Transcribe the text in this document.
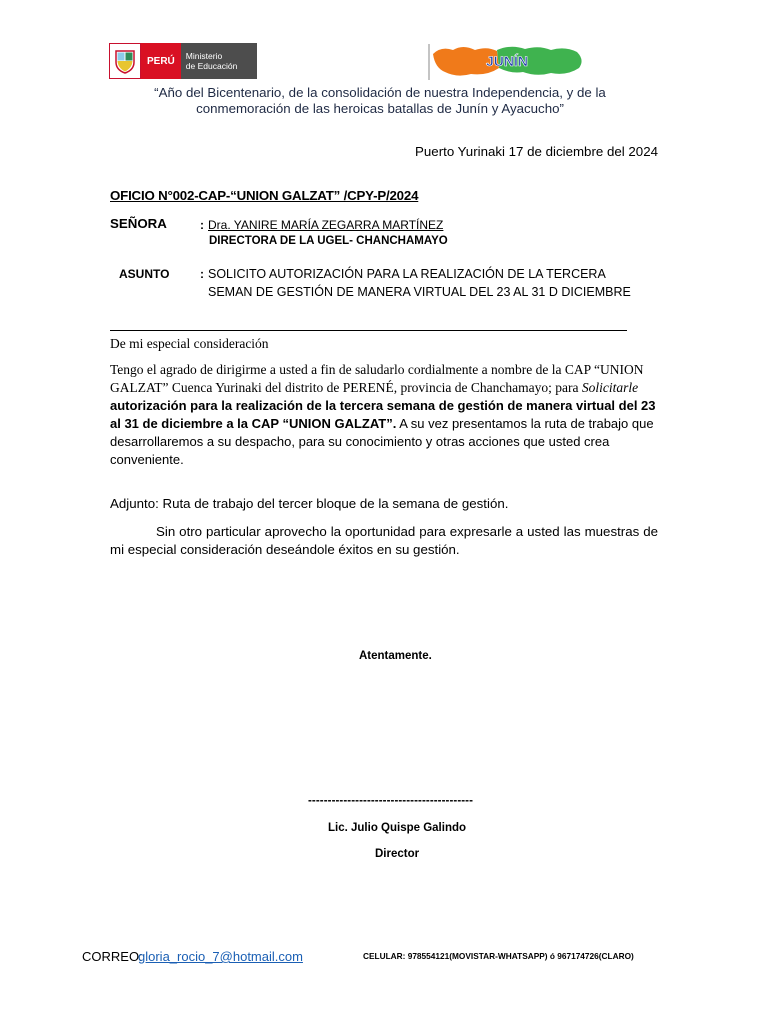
PERÚ	Ministerio
de Educación	JUNÍN
“Año del Bicentenario, de la consolidación de nuestra Independencia, y de la
conmemoración de las heroicas batallas de Junín y Ayacucho”
Puerto Yurinaki 17 de diciembre del 2024
OFICIO N°002-CAP-“UNION GALZAT” /CPY-P/2024
SEÑORA	: Dra. YANIRE MARÍA ZEGARRA MARTÍNEZ
DIRECTORA DE LA UGEL- CHANCHAMAYO
ASUNTO	: SOLICITO AUTORIZACIÓN PARA LA REALIZACIÓN DE LA TERCERA
SEMAN DE GESTIÓN DE MANERA VIRTUAL DEL 23 AL 31 D DICIEMBRE
De mi especial consideración
Tengo el agrado de dirigirme a usted a fin de saludarlo cordialmente a nombre de la CAP “UNION GALZAT” Cuenca Yurinaki del distrito de PERENÉ, provincia de Chanchamayo; para Solicitarle autorización para la realización de la tercera semana de gestión de manera virtual del 23 al 31 de diciembre a la CAP “UNION GALZAT”. A su vez presentamos la ruta de trabajo que desarrollaremos a su despacho, para su conocimiento y otras acciones que usted crea conveniente.
Adjunto: Ruta de trabajo del tercer bloque de la semana de gestión.
Sin otro particular aprovecho la oportunidad para expresarle a usted las muestras de mi especial consideración deseándole éxitos en su gestión.
Atentamente.
------------------------------------------
Lic. Julio Quispe Galindo
Director
CORREO:
gloria_rocio_7@hotmail.com	CELULAR: 978554121(MOVISTAR-WHATSAPP) ó 967174726(CLARO)
